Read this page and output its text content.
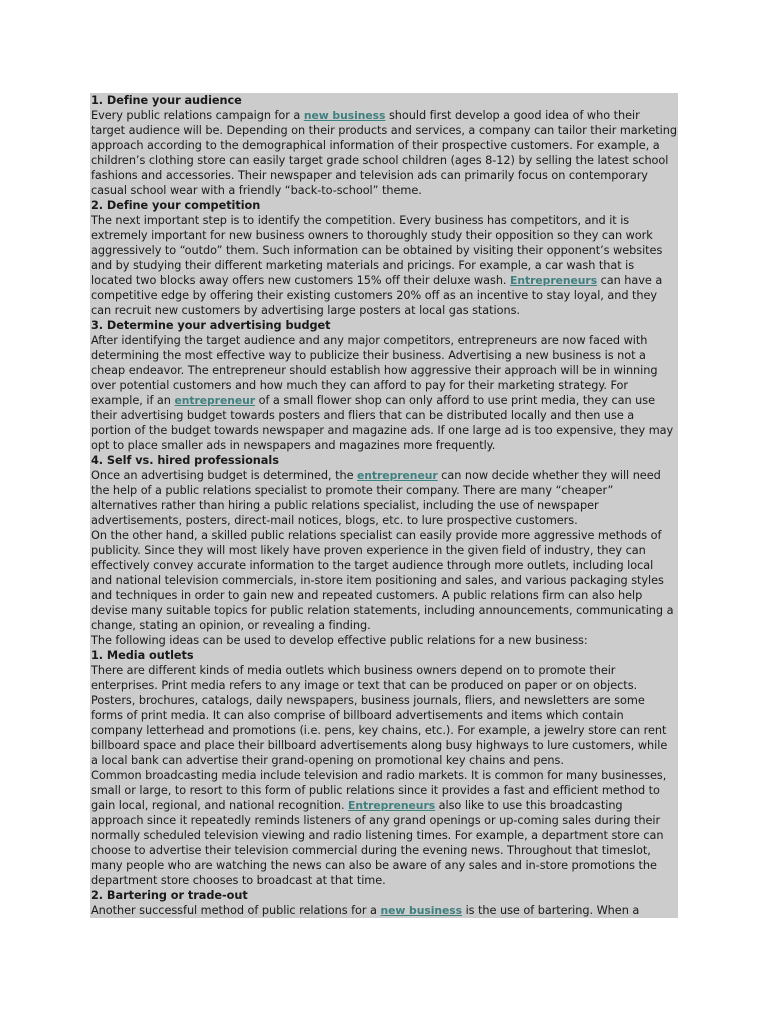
1. Define your audience

Every public relations campaign for a new business should first develop a good idea of who their target audience will be. Depending on their products and services, a company can tailor their marketing approach according to the demographical information of their prospective customers. For example, a children’s clothing store can easily target grade school children (ages 8-12) by selling the latest school fashions and accessories. Their newspaper and television ads can primarily focus on contemporary casual school wear with a friendly “back-to-school” theme.

2. Define your competition

The next important step is to identify the competition. Every business has competitors, and it is extremely important for new business owners to thoroughly study their opposition so they can work aggressively to “outdo” them. Such information can be obtained by visiting their opponent’s websites and by studying their different marketing materials and pricings. For example, a car wash that is located two blocks away offers new customers 15% off their deluxe wash. Entrepreneurs can have a competitive edge by offering their existing customers 20% off as an incentive to stay loyal, and they can recruit new customers by advertising large posters at local gas stations.

3. Determine your advertising budget

After identifying the target audience and any major competitors, entrepreneurs are now faced with determining the most effective way to publicize their business. Advertising a new business is not a cheap endeavor. The entrepreneur should establish how aggressive their approach will be in winning over potential customers and how much they can afford to pay for their marketing strategy. For example, if an entrepreneur of a small flower shop can only afford to use print media, they can use their advertising budget towards posters and fliers that can be distributed locally and then use a portion of the budget towards newspaper and magazine ads. If one large ad is too expensive, they may opt to place smaller ads in newspapers and magazines more frequently.

4. Self vs. hired professionals

Once an advertising budget is determined, the entrepreneur can now decide whether they will need the help of a public relations specialist to promote their company. There are many “cheaper” alternatives rather than hiring a public relations specialist, including the use of newspaper advertisements, posters, direct-mail notices, blogs, etc. to lure prospective customers.

On the other hand, a skilled public relations specialist can easily provide more aggressive methods of publicity. Since they will most likely have proven experience in the given field of industry, they can effectively convey accurate information to the target audience through more outlets, including local and national television commercials, in-store item positioning and sales, and various packaging styles and techniques in order to gain new and repeated customers. A public relations firm can also help devise many suitable topics for public relation statements, including announcements, communicating a change, stating an opinion, or revealing a finding.

The following ideas can be used to develop effective public relations for a new business:

1. Media outlets

There are different kinds of media outlets which business owners depend on to promote their enterprises. Print media refers to any image or text that can be produced on paper or on objects. Posters, brochures, catalogs, daily newspapers, business journals, fliers, and newsletters are some forms of print media. It can also comprise of billboard advertisements and items which contain company letterhead and promotions (i.e. pens, key chains, etc.). For example, a jewelry store can rent billboard space and place their billboard advertisements along busy highways to lure customers, while a local bank can advertise their grand-opening on promotional key chains and pens.

Common broadcasting media include television and radio markets. It is common for many businesses, small or large, to resort to this form of public relations since it provides a fast and efficient method to gain local, regional, and national recognition. Entrepreneurs also like to use this broadcasting approach since it repeatedly reminds listeners of any grand openings or up-coming sales during their normally scheduled television viewing and radio listening times. For example, a department store can choose to advertise their television commercial during the evening news. Throughout that timeslot, many people who are watching the news can also be aware of any sales and in-store promotions the department store chooses to broadcast at that time.

2. Bartering or trade-out

Another successful method of public relations for a new business is the use of bartering. When a
